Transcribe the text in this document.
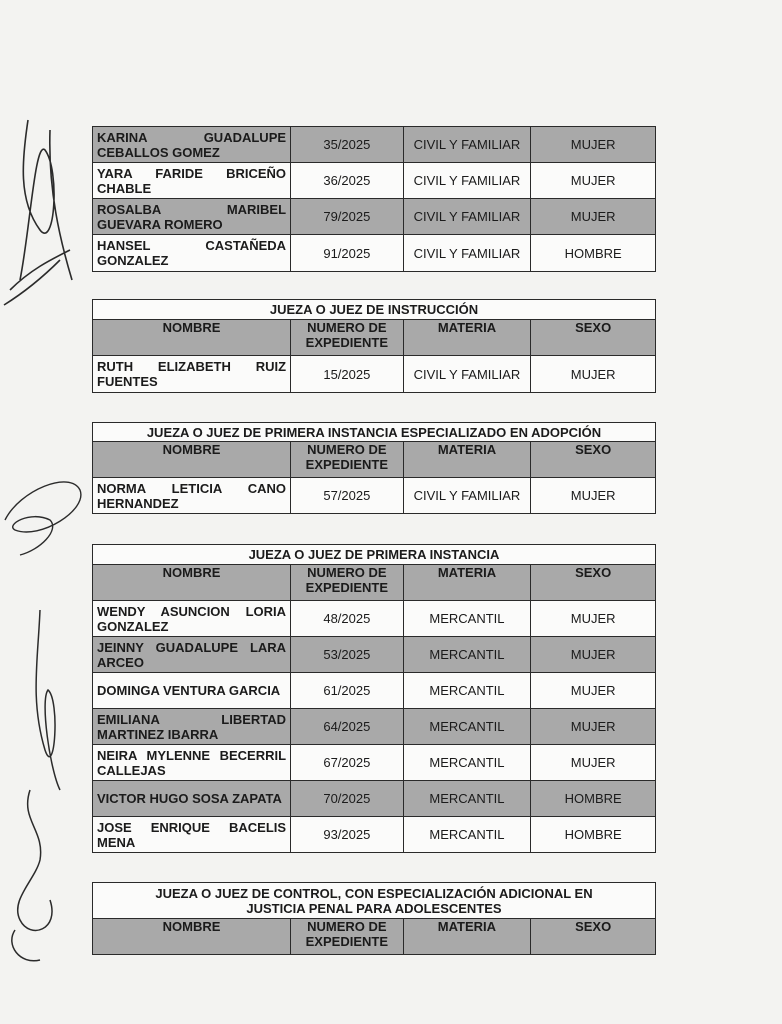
KARINA GUADALUPE CEBALLOS GOMEZ	35/2025	CIVIL Y FAMILIAR	MUJER
YARA FARIDE BRICEÑO CHABLE	36/2025	CIVIL Y FAMILIAR	MUJER
ROSALBA MARIBEL GUEVARA ROMERO	79/2025	CIVIL Y FAMILIAR	MUJER
HANSEL CASTAÑEDA GONZALEZ	91/2025	CIVIL Y FAMILIAR	HOMBRE
JUEZA O JUEZ DE INSTRUCCIÓN			
NOMBRE	NUMERO DE EXPEDIENTE	MATERIA	SEXO
RUTH ELIZABETH RUIZ FUENTES	15/2025	CIVIL Y FAMILIAR	MUJER
JUEZA O JUEZ DE PRIMERA INSTANCIA ESPECIALIZADO EN ADOPCIÓN			
NOMBRE	NUMERO DE EXPEDIENTE	MATERIA	SEXO
NORMA LETICIA CANO HERNANDEZ	57/2025	CIVIL Y FAMILIAR	MUJER
JUEZA O JUEZ DE PRIMERA INSTANCIA			
NOMBRE	NUMERO DE EXPEDIENTE	MATERIA	SEXO
WENDY ASUNCION LORIA GONZALEZ	48/2025	MERCANTIL	MUJER
JEINNY GUADALUPE LARA ARCEO	53/2025	MERCANTIL	MUJER
DOMINGA VENTURA GARCIA	61/2025	MERCANTIL	MUJER
EMILIANA LIBERTAD MARTINEZ IBARRA	64/2025	MERCANTIL	MUJER
NEIRA MYLENNE BECERRIL CALLEJAS	67/2025	MERCANTIL	MUJER
VICTOR HUGO SOSA ZAPATA	70/2025	MERCANTIL	HOMBRE
JOSE ENRIQUE BACELIS MENA	93/2025	MERCANTIL	HOMBRE
JUEZA O JUEZ DE CONTROL, CON ESPECIALIZACIÓN ADICIONAL EN JUSTICIA PENAL PARA ADOLESCENTES
NOMBRE	NUMERO DE EXPEDIENTE	MATERIA	SEXO
